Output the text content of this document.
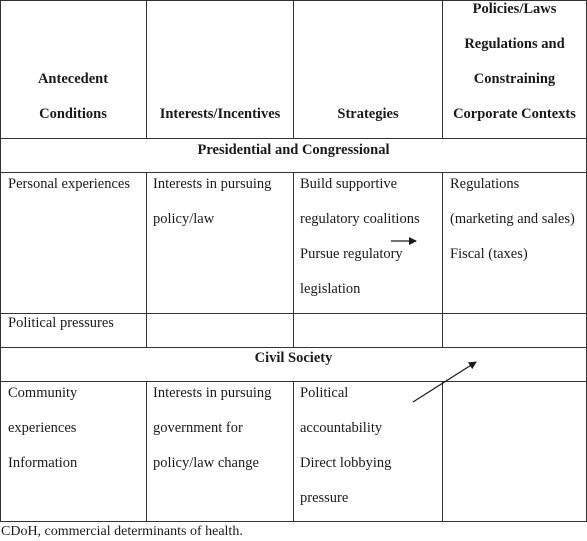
Antecedent
Conditions	Interests/Incentives	Strategies
Policies/Laws
Regulations and
Constraining
Corporate Contexts
Presidential and Congressional
Personal experiences Interests in pursuing
policy/law
Build supportive
regulatory coalitions
Pursue regulatory
legislation
Regulations
(marketing and sales)
Fiscal (taxes)
Political pressures
Civil Society
Community
experiences
Information
Interests in pursuing
government for
policy/law change
Political
accountability
Direct lobbying
pressure
CDoH, commercial determinants of health.
